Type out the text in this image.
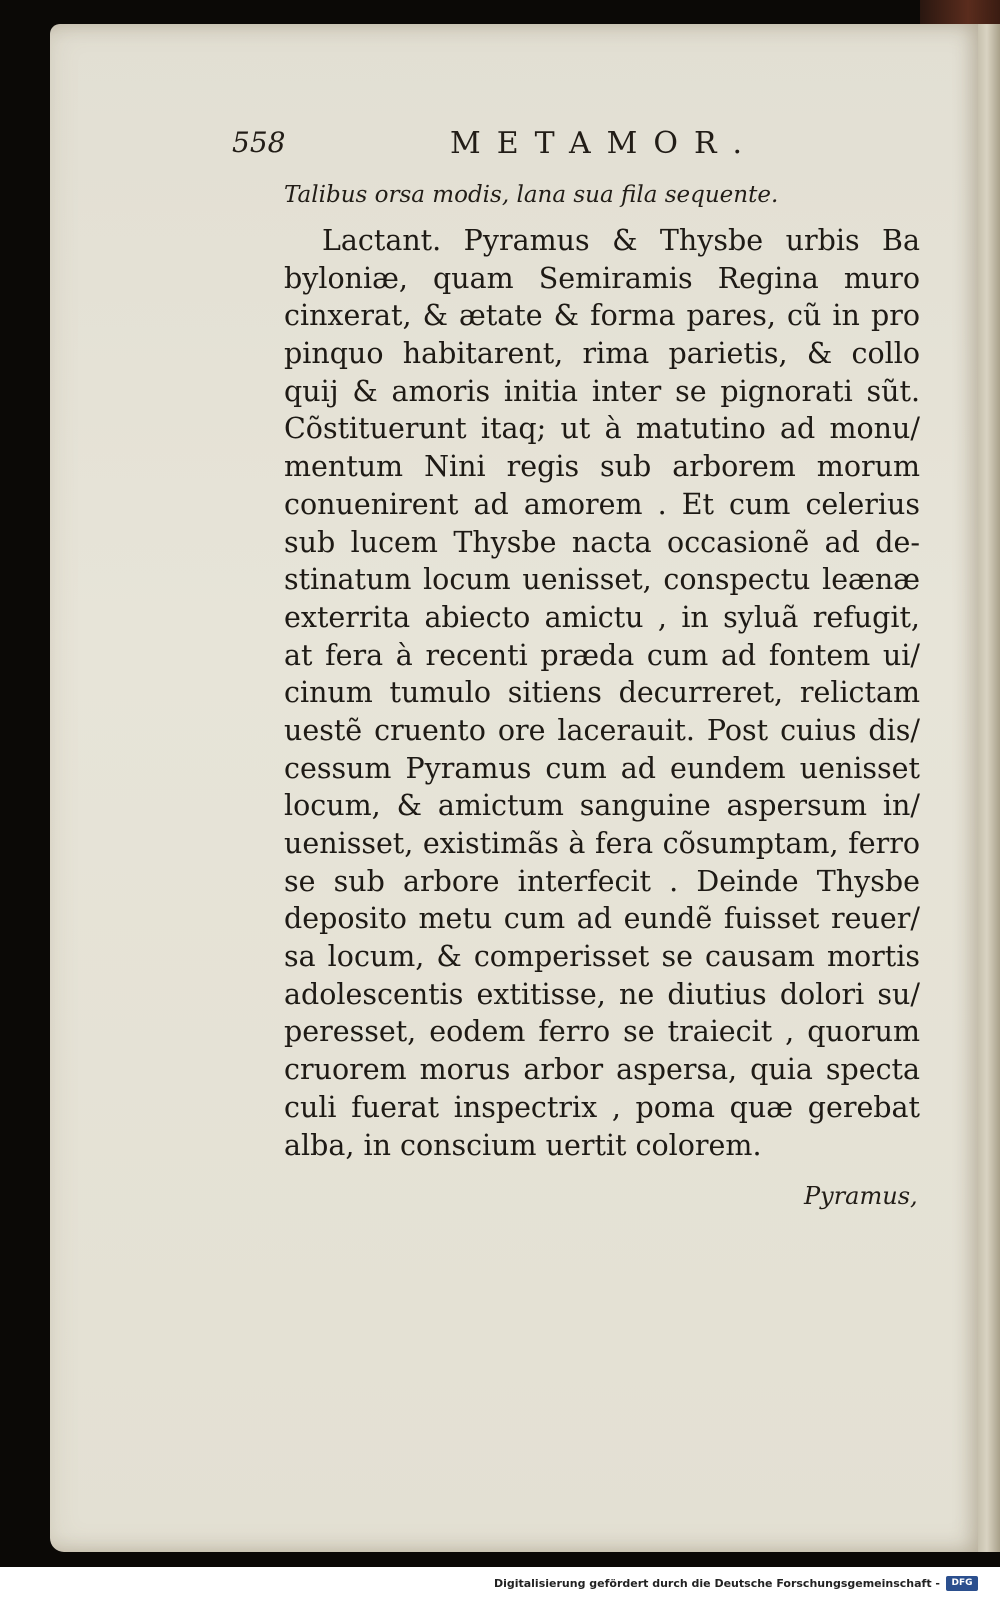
558	METAMOR.
Talibus orsa modis, lana sua fila sequente.
Lactant. Pyramus & Thysbe urbis Ba
byloniæ, quam Semiramis Regina muro
cinxerat, & ætate & forma pares, cũ in pro
pinquo habitarent, rima parietis, & collo
quij & amoris initia inter se pignorati sũt.
Cõstituerunt itaq; ut à matutino ad monu/
mentum Nini regis sub arborem morum
conuenirent ad amorem . Et cum celerius
sub lucem Thysbe nacta occasionẽ ad de-
stinatum locum uenisset, conspectu leænæ
exterrita abiecto amictu , in syluã refugit,
at fera à recenti præda cum ad fontem ui/
cinum tumulo sitiens decurreret, relictam
uestẽ cruento ore lacerauit. Post cuius dis/
cessum Pyramus cum ad eundem uenisset
locum, & amictum sanguine aspersum in/
uenisset, existimãs à fera cõsumptam, ferro
se sub arbore interfecit . Deinde Thysbe
deposito metu cum ad eundẽ fuisset reuer/
sa locum, & comperisset se causam mortis
adolescentis extitisse, ne diutius dolori su/
peresset, eodem ferro se traiecit , quorum
cruorem morus arbor aspersa, quia specta
culi fuerat inspectrix , poma quæ gerebat
alba, in conscium uertit colorem.
Pyramus,
Digitalisierung gefördert durch die Deutsche Forschungsgemeinschaft -	DFG
